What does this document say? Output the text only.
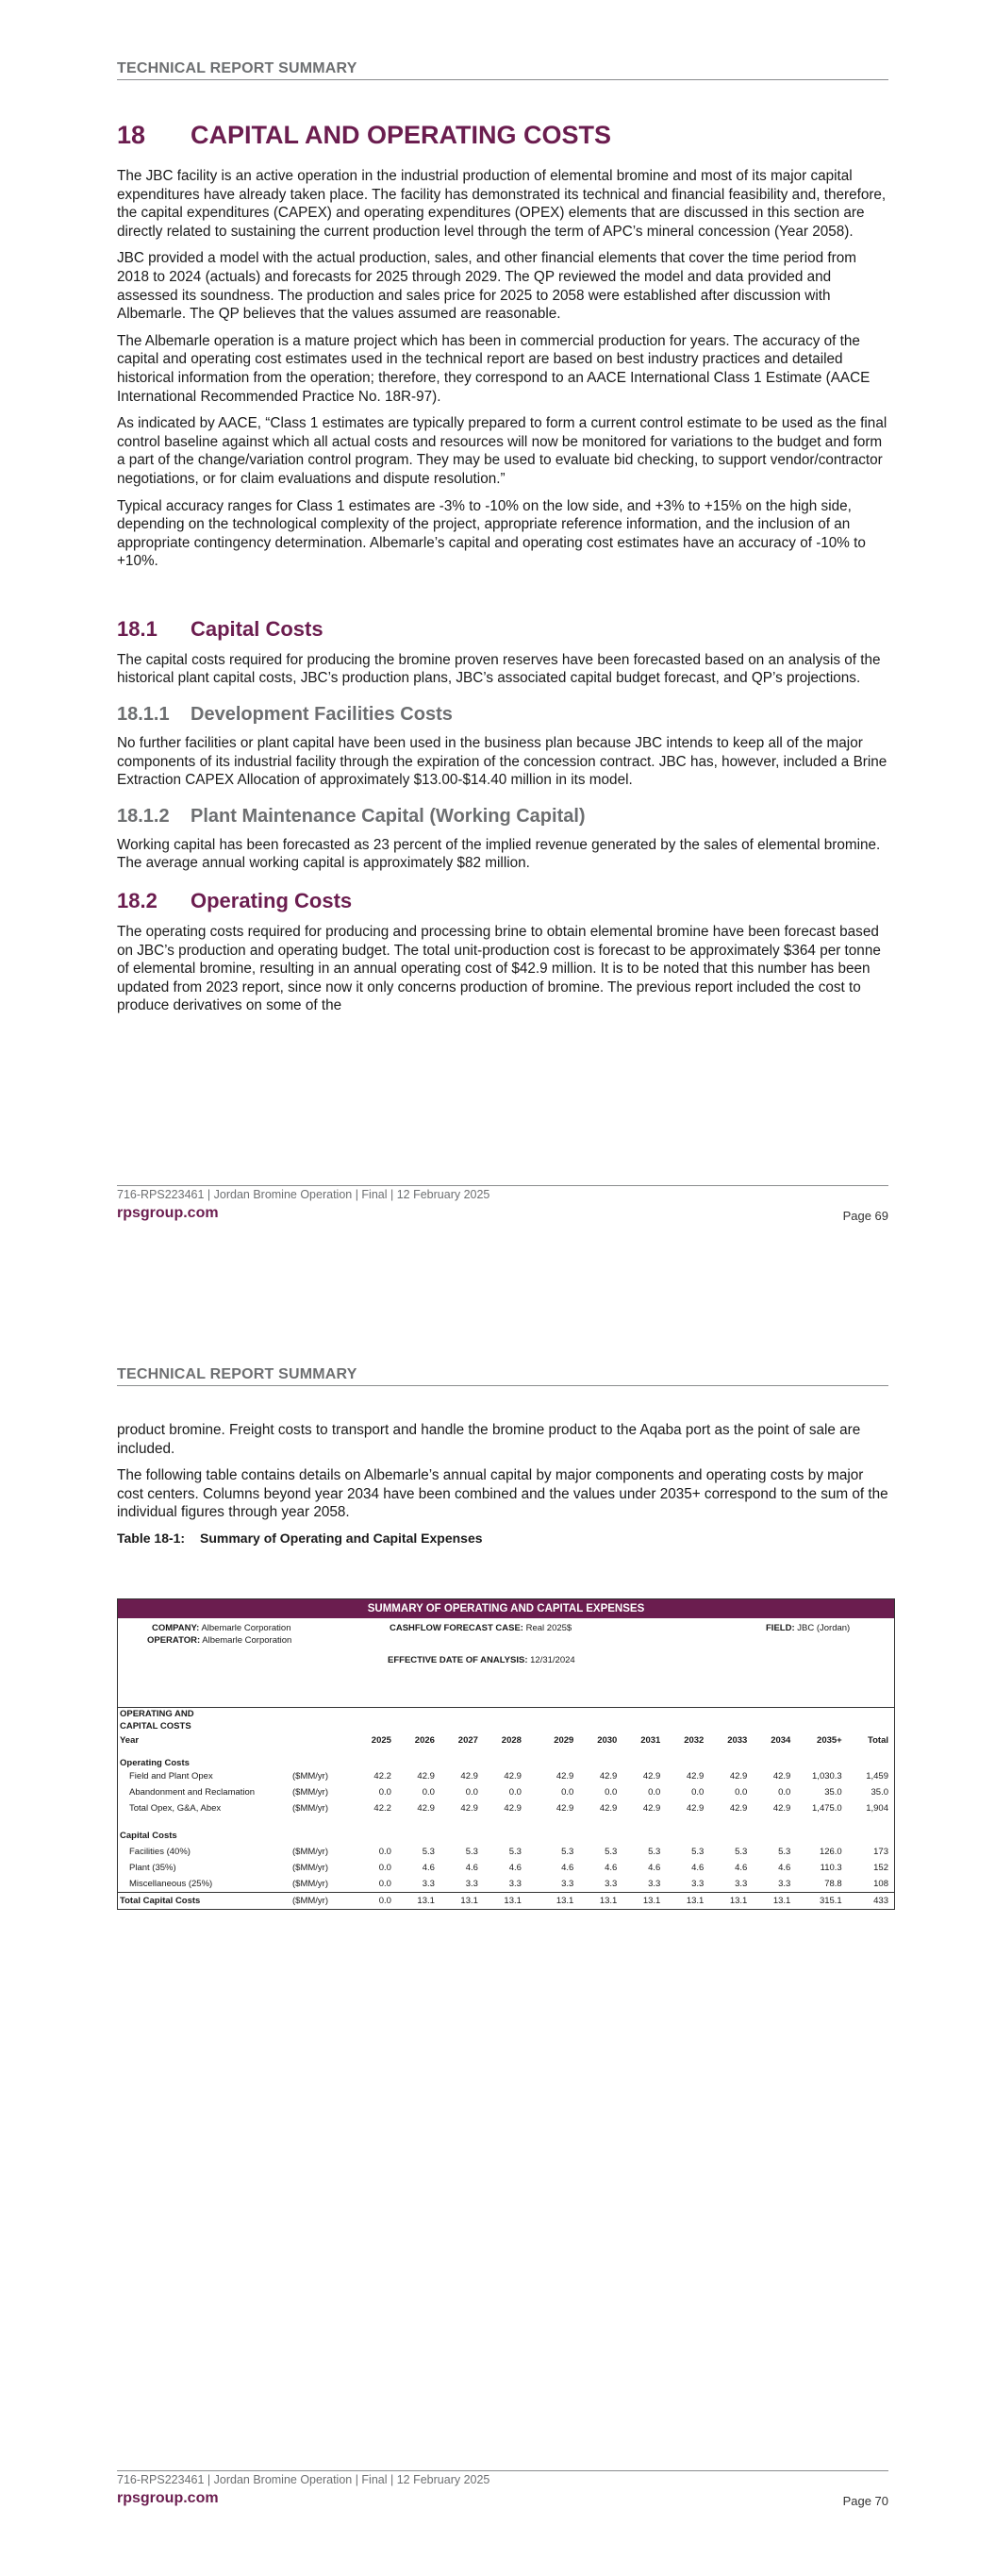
TECHNICAL REPORT SUMMARY
18 CAPITAL AND OPERATING COSTS

The JBC facility is an active operation in the industrial production of elemental bromine and most of its major capital expenditures have already taken place. The facility has demonstrated its technical and financial feasibility and, therefore, the capital expenditures (CAPEX) and operating expenditures (OPEX) elements that are discussed in this section are directly related to sustaining the current production level through the term of APC’s mineral concession (Year 2058).

JBC provided a model with the actual production, sales, and other financial elements that cover the time period from 2018 to 2024 (actuals) and forecasts for 2025 through 2029. The QP reviewed the model and data provided and assessed its soundness. The production and sales price for 2025 to 2058 were established after discussion with Albemarle. The QP believes that the values assumed are reasonable.

The Albemarle operation is a mature project which has been in commercial production for years. The accuracy of the capital and operating cost estimates used in the technical report are based on best industry practices and detailed historical information from the operation; therefore, they correspond to an AACE International Class 1 Estimate (AACE International Recommended Practice No. 18R-97).

As indicated by AACE, “Class 1 estimates are typically prepared to form a current control estimate to be used as the final control baseline against which all actual costs and resources will now be monitored for variations to the budget and form a part of the change/variation control program. They may be used to evaluate bid checking, to support vendor/contractor negotiations, or for claim evaluations and dispute resolution.”

Typical accuracy ranges for Class 1 estimates are -3% to -10% on the low side, and +3% to +15% on the high side, depending on the technological complexity of the project, appropriate reference information, and the inclusion of an appropriate contingency determination. Albemarle’s capital and operating cost estimates have an accuracy of -10% to +10%.

18.1 Capital Costs

The capital costs required for producing the bromine proven reserves have been forecasted based on an analysis of the historical plant capital costs, JBC’s production plans, JBC’s associated capital budget forecast, and QP’s projections.

18.1.1 Development Facilities Costs

No further facilities or plant capital have been used in the business plan because JBC intends to keep all of the major components of its industrial facility through the expiration of the concession contract. JBC has, however, included a Brine Extraction CAPEX Allocation of approximately $13.00-$14.40 million in its model.

18.1.2 Plant Maintenance Capital (Working Capital)

Working capital has been forecasted as 23 percent of the implied revenue generated by the sales of elemental bromine. The average annual working capital is approximately $82 million.

18.2 Operating Costs

The operating costs required for producing and processing brine to obtain elemental bromine have been forecast based on JBC’s production and operating budget. The total unit-production cost is forecast to be approximately $364 per tonne of elemental bromine, resulting in an annual operating cost of $42.9 million. It is to be noted that this number has been updated from 2023 report, since now it only concerns production of bromine. The previous report included the cost to produce derivatives on some of the

716-RPS223461 | Jordan Bromine Operation | Final | 12 February 2025
rpsgroup.com	Page 69
TECHNICAL REPORT SUMMARY

product bromine. Freight costs to transport and handle the bromine product to the Aqaba port as the point of sale are included.

The following table contains details on Albemarle’s annual capital by major components and operating costs by major cost centers. Columns beyond year 2034 have been combined and the values under 2035+ correspond to the sum of the individual figures through year 2058.

Table 18-1: Summary of Operating and Capital Expenses
SUMMARY OF OPERATING AND CAPITAL EXPENSES
COMPANY: Albemarle Corporation
OPERATOR: Albemarle Corporation
CASHFLOW FORECAST CASE: Real 2025$	FIELD: JBC (Jordan)
EFFECTIVE DATE OF ANALYSIS: 12/31/2024
OPERATING AND													
CAPITAL COSTS													
Year		2025	2026	2027	2028	2029	2030	2031	2032	2033	2034	2035+	Total
Operating Costs													
Field and Plant Opex	($MM/yr)	42.2	42.9	42.9	42.9	42.9	42.9	42.9	42.9	42.9	42.9	1,030.3	1,459
Abandonment and Reclamation	($MM/yr)	0.0	0.0	0.0	0.0	0.0	0.0	0.0	0.0	0.0	0.0	35.0	35.0
Total Opex, G&A, Abex	($MM/yr)	42.2	42.9	42.9	42.9	42.9	42.9	42.9	42.9	42.9	42.9	1,475.0	1,904

Capital Costs													
Facilities (40%)	($MM/yr)	0.0	5.3	5.3	5.3	5.3	5.3	5.3	5.3	5.3	5.3	126.0	173
Plant (35%)	($MM/yr)	0.0	4.6	4.6	4.6	4.6	4.6	4.6	4.6	4.6	4.6	110.3	152
Miscellaneous (25%)	($MM/yr)	0.0	3.3	3.3	3.3	3.3	3.3	3.3	3.3	3.3	3.3	78.8	108
Total Capital Costs	($MM/yr)	0.0	13.1	13.1	13.1	13.1	13.1	13.1	13.1	13.1	13.1	315.1	433
716-RPS223461 | Jordan Bromine Operation | Final | 12 February 2025
rpsgroup.com	Page 70
